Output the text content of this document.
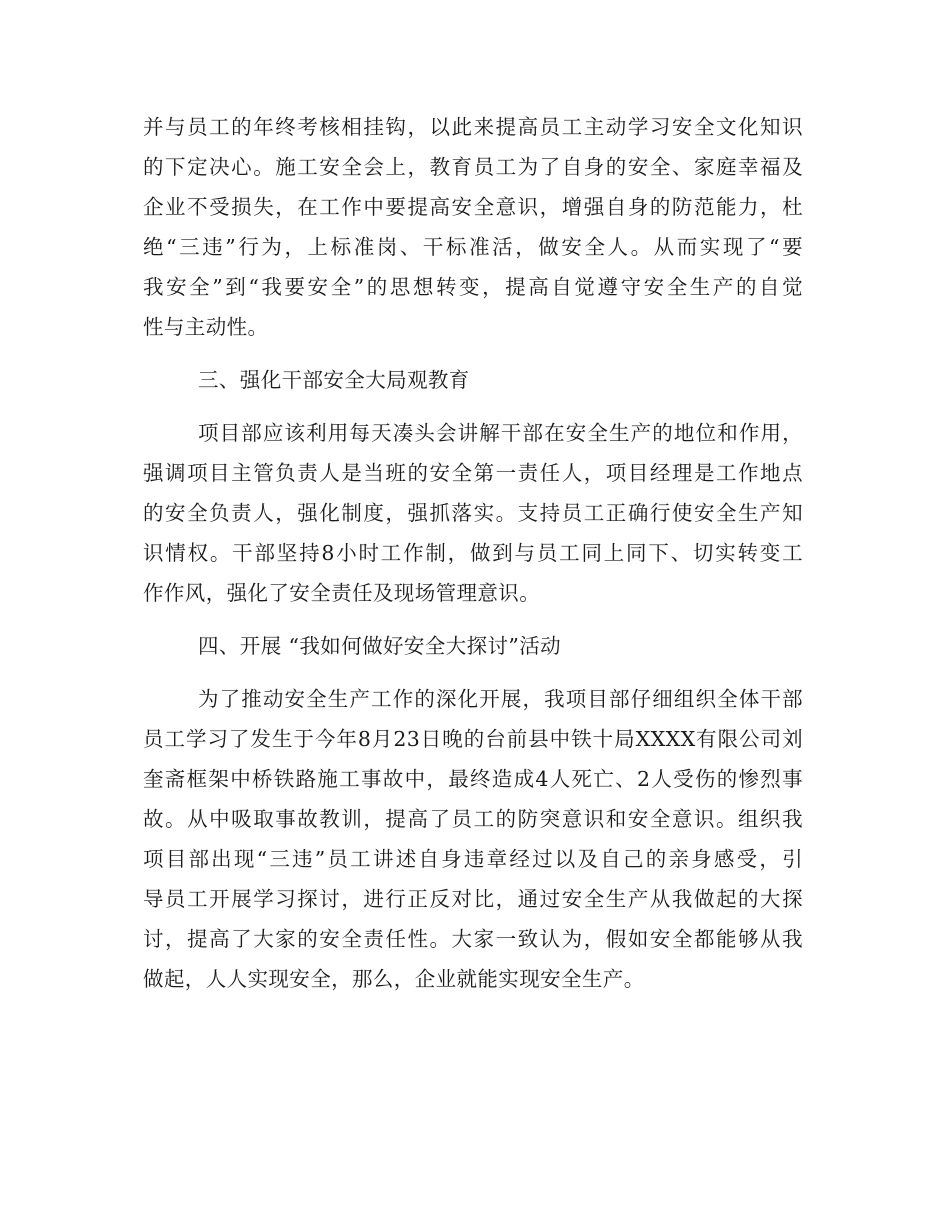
并与员工的年终考核相挂钩，以此来提高员工主动学习安全文化知识
的下定决心。施工安全会上，教育员工为了自身的安全、家庭幸福及
企业不受损失，在工作中要提高安全意识，增强自身的防范能力，杜
绝“三违”行为，上标准岗、干标准活，做安全人。从而实现了“要
我安全”到“我要安全”的思想转变，提高自觉遵守安全生产的自觉
性与主动性。
三、强化干部安全大局观教育
项目部应该利用每天凑头会讲解干部在安全生产的地位和作用，
强调项目主管负责人是当班的安全第一责任人，项目经理是工作地点
的安全负责人，强化制度，强抓落实。支持员工正确行使安全生产知
识情权。干部坚持8小时工作制，做到与员工同上同下、切实转变工
作作风，强化了安全责任及现场管理意识。
四、开展 “我如何做好安全大探讨”活动
为了推动安全生产工作的深化开展，我项目部仔细组织全体干部
员工学习了发生于今年8月23日晚的台前县中铁十局XXXX有限公司刘
奎斋框架中桥铁路施工事故中，最终造成4人死亡、2人受伤的惨烈事
故。从中吸取事故教训，提高了员工的防突意识和安全意识。组织我
项目部出现“三违”员工讲述自身违章经过以及自己的亲身感受，引
导员工开展学习探讨，进行正反对比，通过安全生产从我做起的大探
讨，提高了大家的安全责任性。大家一致认为，假如安全都能够从我
做起，人人实现安全，那么，企业就能实现安全生产。
